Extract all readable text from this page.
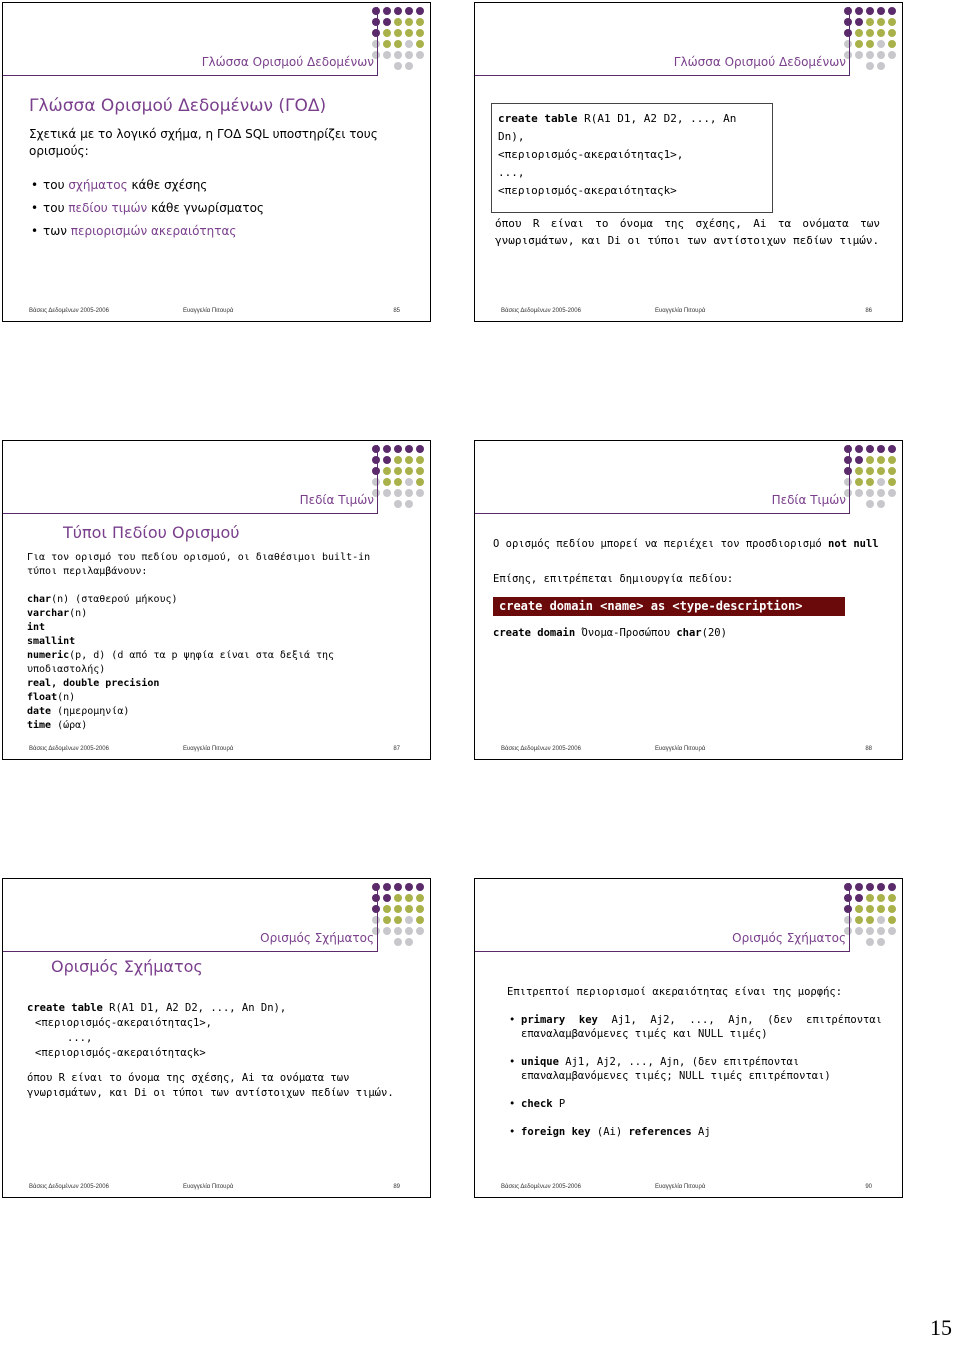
Γλώσσα Ορισμού Δεδομένων
Γλώσσα Ορισμού Δεδομένων (ΓΟΔ)
Σχετικά με το λογικό σχήμα, η ΓΟΔ SQL υποστηρίζει τους ορισμούς:
• του σχήματος κάθε σχέσης
• του πεδίου τιμών κάθε γνωρίσματος
• των περιορισμών ακεραιότητας
Βάσεις Δεδομένων 2005-2006	Ευαγγελία Πιτουρά	85
Γλώσσα Ορισμού Δεδομένων
create table R(A1 D1, A2 D2, ..., An Dn),
<περιορισμός-ακεραιότητας1>,
...,
<περιορισμός-ακεραιότηταςk>
όπου R είναι το όνομα της σχέσης, Ai τα ονόματα των γνωρισμάτων, και Di οι τύποι των αντίστοιχων πεδίων τιμών.
Βάσεις Δεδομένων 2005-2006	Ευαγγελία Πιτουρά	86
Πεδία Τιμών
Τύποι Πεδίου Ορισμού
Για τον ορισμό του πεδίου ορισμού, οι διαθέσιμοι built-in τύποι περιλαμβάνουν:
char(n) (σταθερού μήκους)
varchar(n)
int
smallint
numeric(p, d) (d από τα p ψηφία είναι στα δεξιά της υποδιαστολής)
real, double precision
float(n)
date (ημερομηνία)
time (ώρα)
Βάσεις Δεδομένων 2005-2006	Ευαγγελία Πιτουρά	87
Πεδία Τιμών
Ο ορισμός πεδίου μπορεί να περιέχει τον προσδιορισμό not null
Επίσης, επιτρέπεται δημιουργία πεδίου:
create domain <name> as <type-description>
create domain Όνομα-Προσώπου char(20)
Βάσεις Δεδομένων 2005-2006	Ευαγγελία Πιτουρά	88
Ορισμός Σχήματος
Ορισμός Σχήματος
create table R(A1 D1, A2 D2, ..., An Dn),
<περιορισμός-ακεραιότητας1>,
...,
<περιορισμός-ακεραιότηταςk>
όπου R είναι το όνομα της σχέσης, Ai τα ονόματα των γνωρισμάτων, και Di οι τύποι των αντίστοιχων πεδίων τιμών.
Βάσεις Δεδομένων 2005-2006	Ευαγγελία Πιτουρά	89
Ορισμός Σχήματος
Επιτρεπτοί περιορισμοί ακεραιότητας είναι της μορφής:
• primary key Aj1, Aj2, ..., Ajn, (δεν επιτρέπονται επαναλαμβανόμενες τιμές και NULL τιμές)
• unique Aj1, Aj2, ..., Ajn, (δεν επιτρέπονται επαναλαμβανόμενες τιμές; NULL τιμές επιτρέπονται)
• check P
• foreign key (Ai) references Aj
Βάσεις Δεδομένων 2005-2006	Ευαγγελία Πιτουρά	90
15
